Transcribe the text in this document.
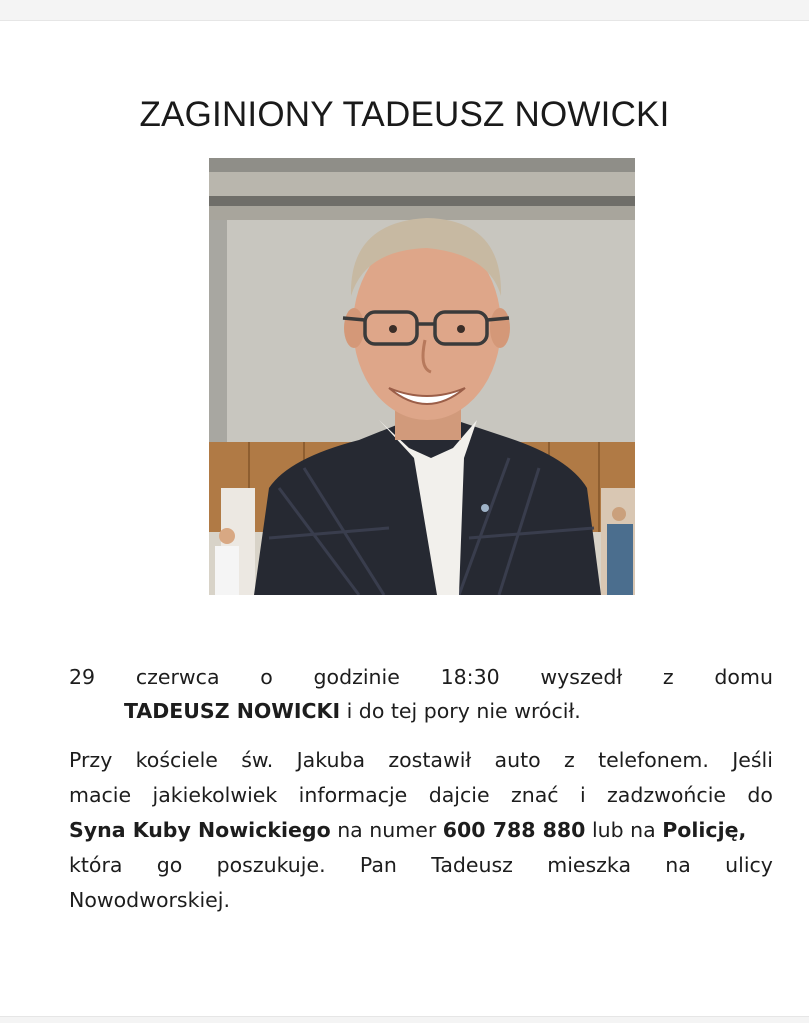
ZAGINIONY TADEUSZ NOWICKI
29 czerwca o godzinie 18:30 wyszedł z domu
TADEUSZ NOWICKI i do tej pory nie wrócił.
Przy kościele św. Jakuba zostawił auto z telefonem. Jeśli
macie jakiekolwiek informacje dajcie znać i zadzwońcie do
Syna Kuby Nowickiego na numer 600 788 880 lub na Policję,
która go poszukuje. Pan Tadeusz mieszka na ulicy
Nowodworskiej.
